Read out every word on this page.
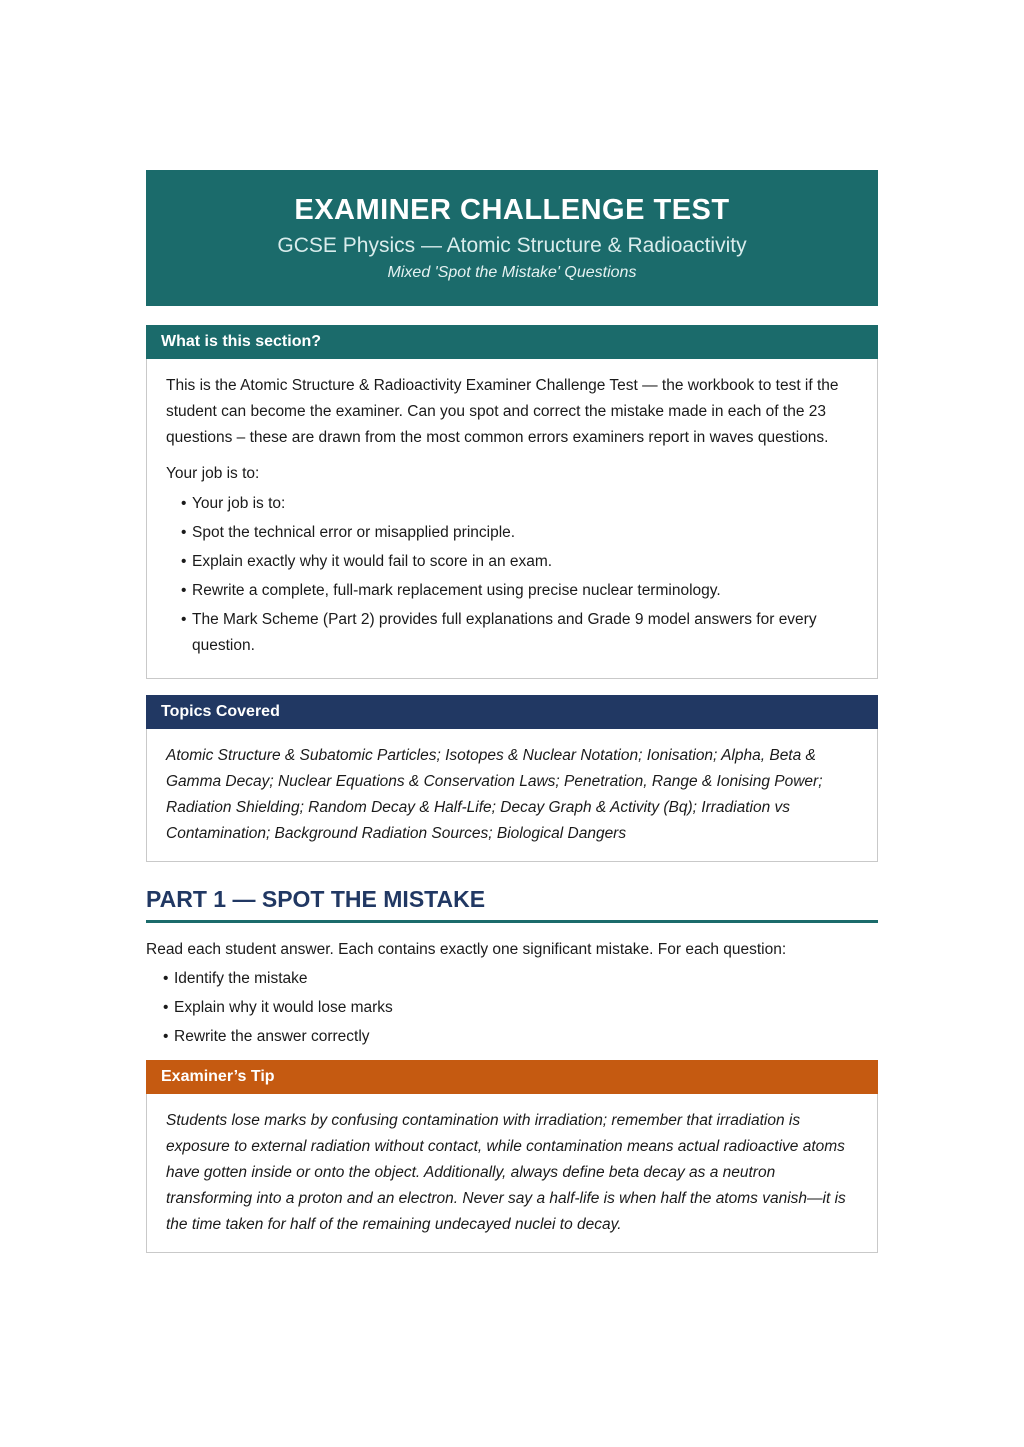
EXAMINER CHALLENGE TEST
GCSE Physics — Atomic Structure & Radioactivity
Mixed 'Spot the Mistake' Questions
What is this section?

This is the Atomic Structure & Radioactivity Examiner Challenge Test — the workbook to test if the student can become the examiner. Can you spot and correct the mistake made in each of the 23 questions – these are drawn from the most common errors examiners report in waves questions.

Your job is to:

• Your job is to:
• Spot the technical error or misapplied principle.
• Explain exactly why it would fail to score in an exam.
• Rewrite a complete, full-mark replacement using precise nuclear terminology.
• The Mark Scheme (Part 2) provides full explanations and Grade 9 model answers for every question.
Topics Covered

Atomic Structure & Subatomic Particles; Isotopes & Nuclear Notation; Ionisation; Alpha, Beta & Gamma Decay; Nuclear Equations & Conservation Laws; Penetration, Range & Ionising Power; Radiation Shielding; Random Decay & Half-Life; Decay Graph & Activity (Bq); Irradiation vs Contamination; Background Radiation Sources; Biological Dangers

PART 1 — SPOT THE MISTAKE
Read each student answer. Each contains exactly one significant mistake. For each question:
• Identify the mistake
• Explain why it would lose marks
• Rewrite the answer correctly
Examiner’s Tip

Students lose marks by confusing contamination with irradiation; remember that irradiation is exposure to external radiation without contact, while contamination means actual radioactive atoms have gotten inside or onto the object. Additionally, always define beta decay as a neutron transforming into a proton and an electron. Never say a half-life is when half the atoms vanish—it is the time taken for half of the remaining undecayed nuclei to decay.
